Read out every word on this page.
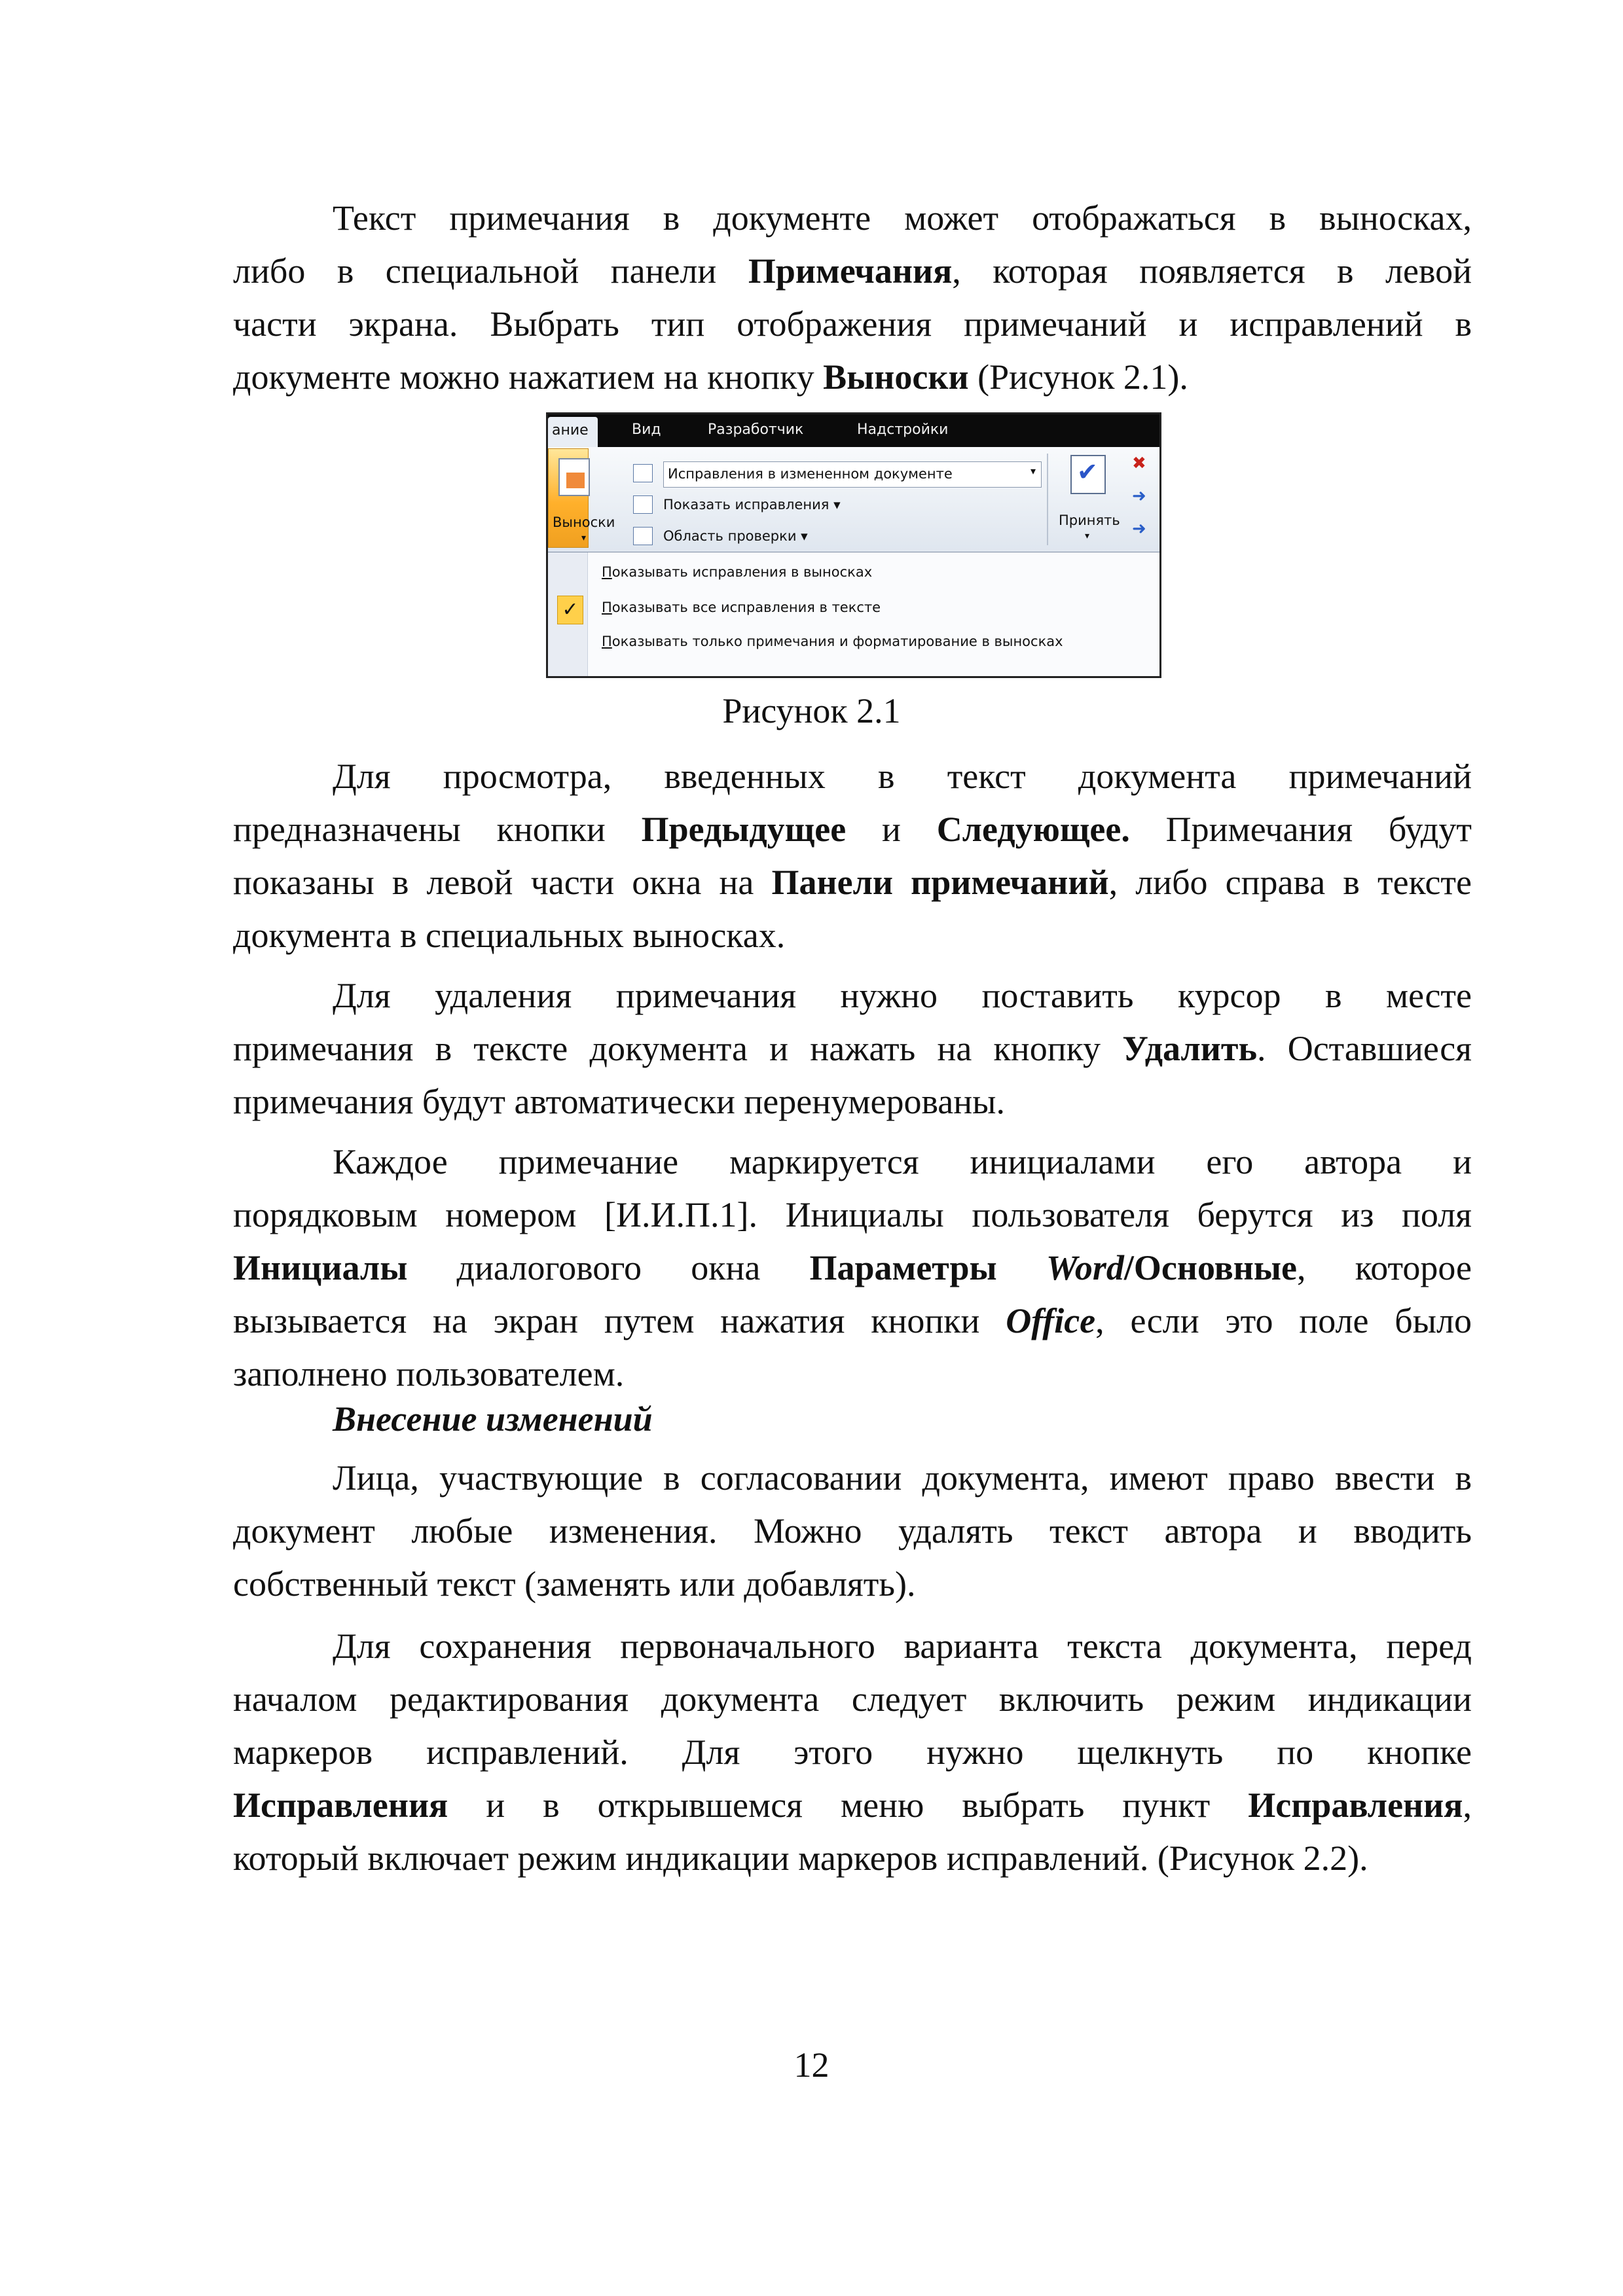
Текст примечания в документе может отображаться в выносках,
либо в специальной панели Примечания, которая появляется в левой
части экрана. Выбрать тип отображения примечаний и исправлений в
документе можно нажатием на кнопку Выноски (Рисунок 2.1).
ание	Вид	Разработчик	Надстройки
Выноски
▾
Исправления в измененном документе	▾
Показать исправления ▾
Область проверки ▾
✔
Принять
▾
✖
➜
➜
✓
Показывать исправления в выносках
Показывать все исправления в тексте
Показывать только примечания и форматирование в выносках
Рисунок 2.1
Для просмотра, введенных в текст документа примечаний
предназначены кнопки Предыдущее и Следующее. Примечания будут
показаны в левой части окна на Панели примечаний, либо справа в тексте
документа в специальных выносках.
Для удаления примечания нужно поставить курсор в месте
примечания в тексте документа и нажать на кнопку Удалить. Оставшиеся
примечания будут автоматически перенумерованы.
Каждое примечание маркируется инициалами его автора и
порядковым номером [И.И.П.1]. Инициалы пользователя берутся из поля
Инициалы диалогового окна Параметры Word/Основные, которое
вызывается на экран путем нажатия кнопки Office, если это поле было
заполнено пользователем.
Внесение изменений
Лица, участвующие в согласовании документа, имеют право ввести в
документ любые изменения. Можно удалять текст автора и вводить
собственный текст (заменять или добавлять).
Для сохранения первоначального варианта текста документа, перед
началом редактирования документа следует включить режим индикации
маркеров исправлений. Для этого нужно щелкнуть по кнопке
Исправления и в открывшемся меню выбрать пункт Исправления,
который включает режим индикации маркеров исправлений. (Рисунок 2.2).
12
